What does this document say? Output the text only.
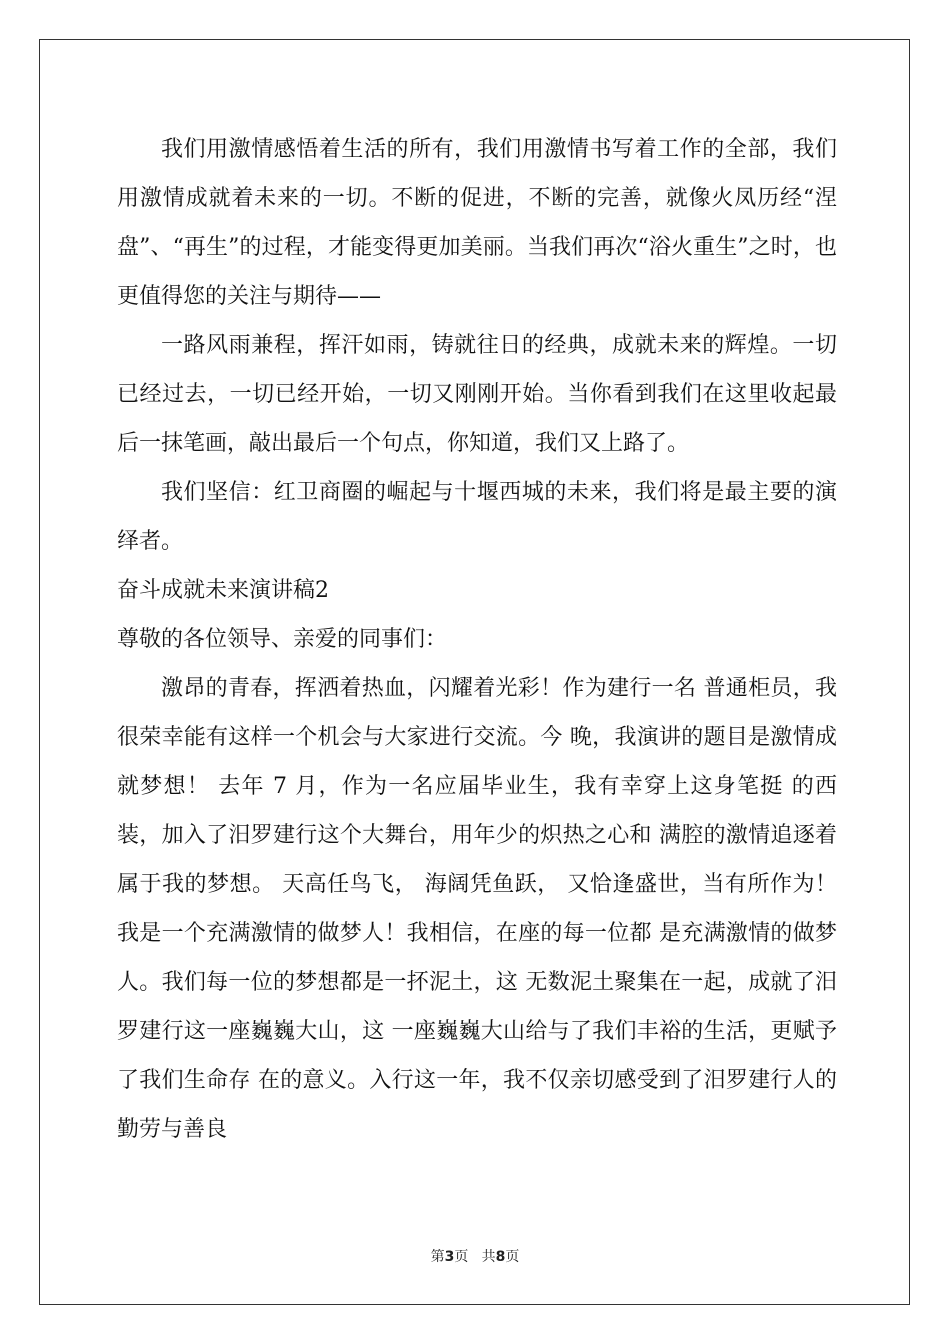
我们用激情感悟着生活的所有，我们用激情书写着工作的全部，我们用激情成就着未来的一切。不断的促进，不断的完善，就像火凤历经“涅盘”、“再生”的过程，才能变得更加美丽。当我们再次“浴火重生”之时，也更值得您的关注与期待——

一路风雨兼程，挥汗如雨，铸就往日的经典，成就未来的辉煌。一切已经过去，一切已经开始，一切又刚刚开始。当你看到我们在这里收起最后一抹笔画，敲出最后一个句点，你知道，我们又上路了。

我们坚信：红卫商圈的崛起与十堰西城的未来，我们将是最主要的演绎者。

奋斗成就未来演讲稿2

尊敬的各位领导、亲爱的同事们：

激昂的青春，挥洒着热血，闪耀着光彩！作为建行一名 普通柜员，我很荣幸能有这样一个机会与大家进行交流。今 晚，我演讲的题目是激情成就梦想！ 去年 7 月，作为一名应届毕业生，我有幸穿上这身笔挺 的西装，加入了汨罗建行这个大舞台，用年少的炽热之心和 满腔的激情追逐着属于我的梦想。 天高任鸟飞， 海阔凭鱼跃， 又恰逢盛世，当有所作为！ 我是一个充满激情的做梦人！我相信，在座的每一位都 是充满激情的做梦人。我们每一位的梦想都是一抔泥土，这 无数泥土聚集在一起，成就了汨罗建行这一座巍巍大山，这 一座巍巍大山给与了我们丰裕的生活，更赋予了我们生命存 在的意义。入行这一年，我不仅亲切感受到了汨罗建行人的 勤劳与善良

第3页 共8页
